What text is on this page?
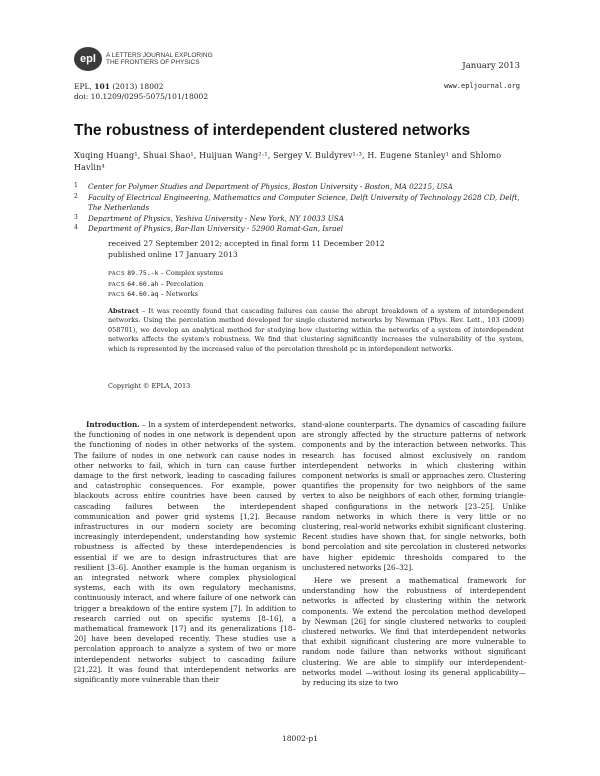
epl	A LETTERS JOURNAL EXPLORING
THE FRONTIERS OF PHYSICS	January 2013
EPL, 101 (2013) 18002
doi: 10.1209/0295-5075/101/18002
www.epljournal.org
The robustness of interdependent clustered networks
Xuqing Huang¹, Shuai Shao¹, Huijuan Wang²·¹, Sergey V. Buldyrev¹·³, H. Eugene Stanley¹ and Shlomo Havlin⁴
1 Center for Polymer Studies and Department of Physics, Boston University - Boston, MA 02215, USA
2 Faculty of Electrical Engineering, Mathematics and Computer Science, Delft University of Technology 2628 CD, Delft, The Netherlands
3 Department of Physics, Yeshiva University - New York, NY 10033 USA
4 Department of Physics, Bar-Ilan University - 52900 Ramat-Gan, Israel
received 27 September 2012; accepted in final form 11 December 2012
published online 17 January 2013
PACS 89.75.-k – Complex systems
PACS 64.60.ah – Percolation
PACS 64.60.aq – Networks
Abstract – It was recently found that cascading failures can cause the abrupt breakdown of a system of interdependent networks. Using the percolation method developed for single clustered networks by Newman (Phys. Rev. Lett., 103 (2009) 058701), we develop an analytical method for studying how clustering within the networks of a system of interdependent networks affects the system's robustness. We find that clustering significantly increases the vulnerability of the system, which is represented by the increased value of the percolation threshold pc in interdependent networks.
Copyright © EPLA, 2013

Introduction. – In a system of interdependent networks, the functioning of nodes in one network is dependent upon the functioning of nodes in other networks of the system. The failure of nodes in one network can cause nodes in other networks to fail, which in turn can cause further damage to the first network, leading to cascading failures and catastrophic consequences. For example, power blackouts across entire countries have been caused by cascading failures between the interdependent communication and power grid systems [1,2]. Because infrastructures in our modern society are becoming increasingly interdependent, understanding how systemic robustness is affected by these interdependencies is essential if we are to design infrastructures that are resilient [3–6]. Another example is the human organism is an integrated network where complex physiological systems, each with its own regulatory mechanisms, continuously interact, and where failure of one network can trigger a breakdown of the entire system [7]. In addition to research carried out on specific systems [8–16], a mathematical framework [17] and its generalizations [18–20] have been developed recently. These studies use a percolation approach to analyze a system of two or more interdependent networks subject to cascading failure [21,22]. It was found that interdependent networks are significantly more vulnerable than their

stand-alone counterparts. The dynamics of cascading failure are strongly affected by the structure patterns of network components and by the interaction between networks. This research has focused almost exclusively on random interdependent networks in which clustering within component networks is small or approaches zero. Clustering quantifies the propensity for two neighbors of the same vertex to also be neighbors of each other, forming triangle-shaped configurations in the network [23–25]. Unlike random networks in which there is very little or no clustering, real-world networks exhibit significant clustering. Recent studies have shown that, for single networks, both bond percolation and site percolation in clustered networks have higher epidemic thresholds compared to the unclustered networks [26–32].

Here we present a mathematical framework for understanding how the robustness of interdependent networks is affected by clustering within the network components. We extend the percolation method developed by Newman [26] for single clustered networks to coupled clustered networks. We find that interdependent networks that exhibit significant clustering are more vulnerable to random node failure than networks without significant clustering. We are able to simplify our interdependent-networks model —without losing its general applicability— by reducing its size to two

18002-p1
